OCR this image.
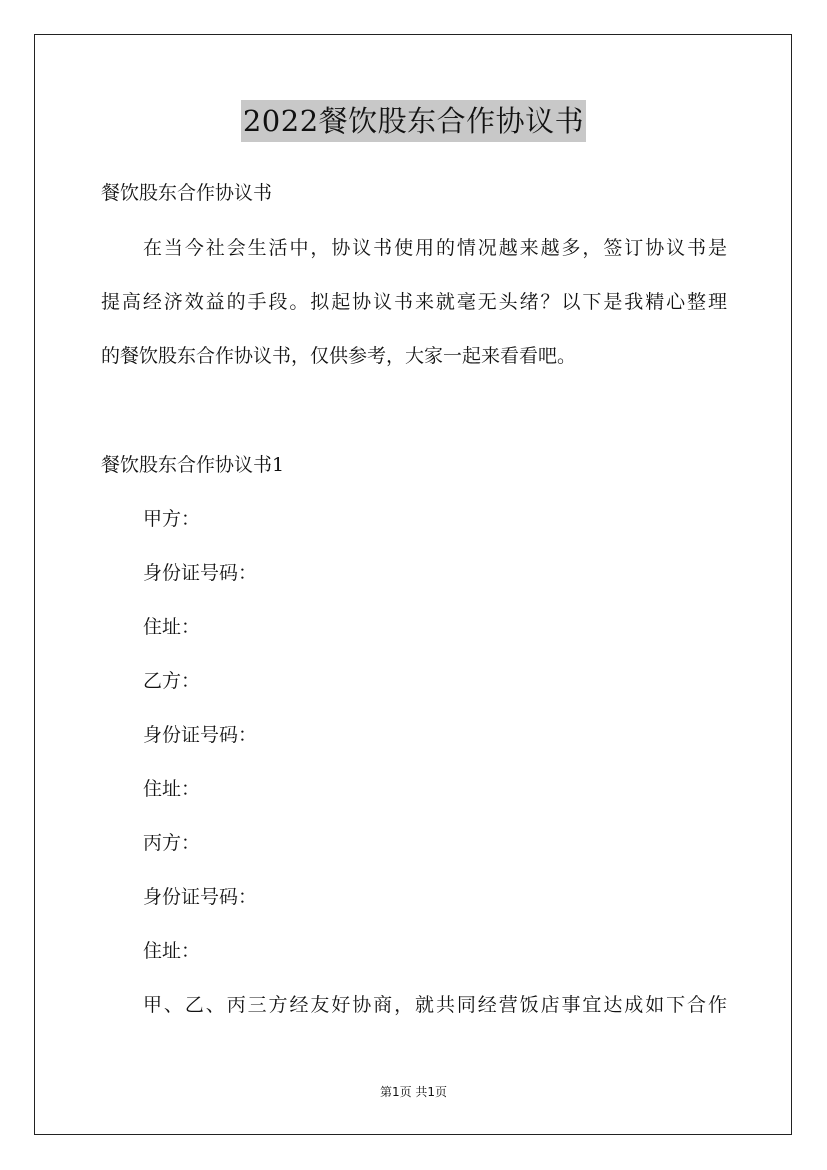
2022餐饮股东合作协议书
餐饮股东合作协议书
在当今社会生活中，协议书使用的情况越来越多，签订协议书是
提高经济效益的手段。拟起协议书来就毫无头绪？以下是我精心整理
的餐饮股东合作协议书，仅供参考，大家一起来看看吧。
餐饮股东合作协议书1
甲方：
身份证号码：
住址：
乙方：
身份证号码：
住址：
丙方：
身份证号码：
住址：
甲、乙、丙三方经友好协商，就共同经营饭店事宜达成如下合作
第1页 共1页
